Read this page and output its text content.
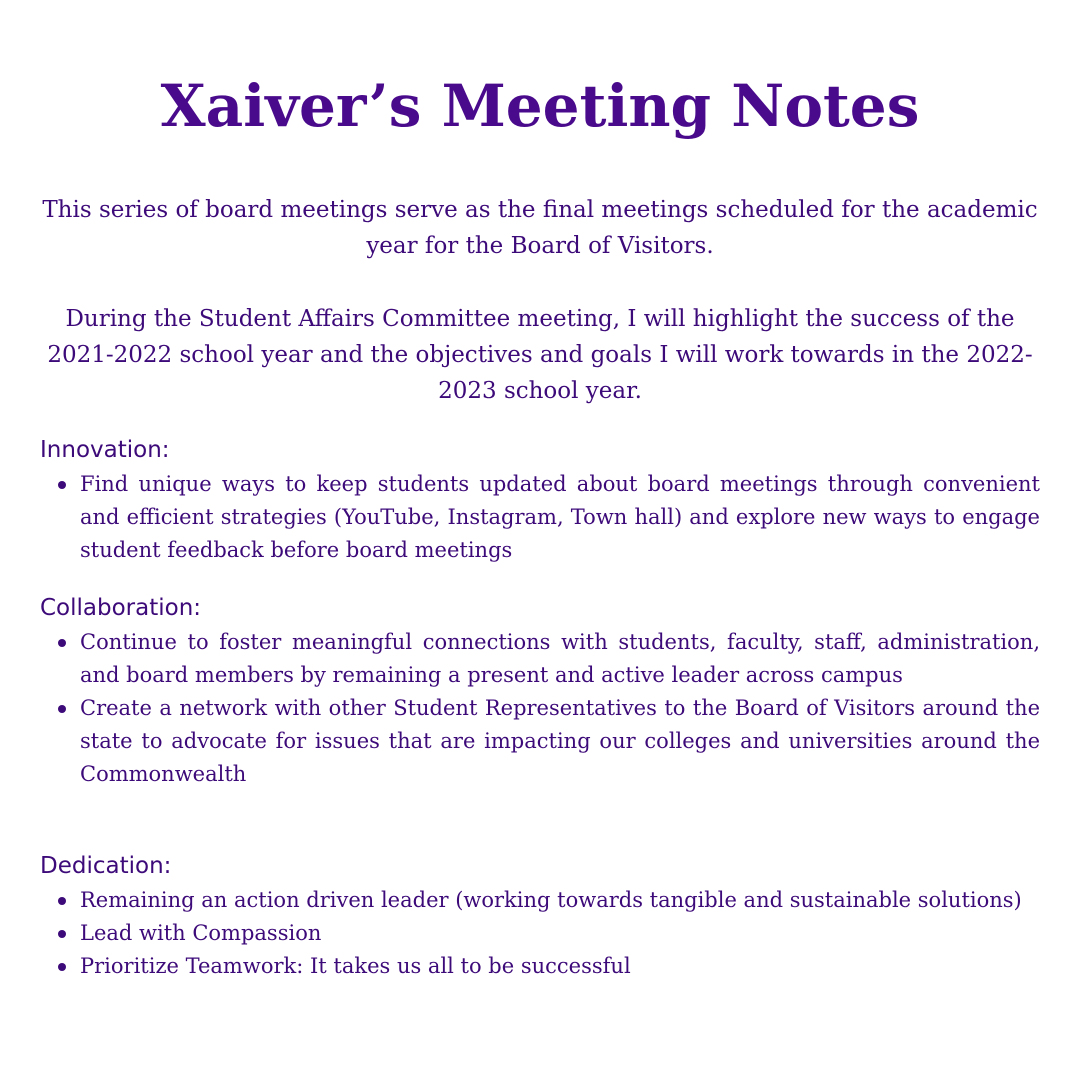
Xaiver’s Meeting Notes
This series of board meetings serve as the final meetings scheduled for the academic year for the Board of Visitors.
During the Student Affairs Committee meeting, I will highlight the success of the 2021-2022 school year and the objectives and goals I will work towards in the 2022-2023 school year.
Innovation:
Find unique ways to keep students updated about board meetings through convenient and efficient strategies (YouTube, Instagram, Town hall) and explore new ways to engage student feedback before board meetings
Collaboration:
Continue to foster meaningful connections with students, faculty, staff, administration, and board members by remaining a present and active leader across campus
Create a network with other Student Representatives to the Board of Visitors around the state to advocate for issues that are impacting our colleges and universities around the Commonwealth
Dedication:
Remaining an action driven leader (working towards tangible and sustainable solutions)
Lead with Compassion
Prioritize Teamwork: It takes us all to be successful
